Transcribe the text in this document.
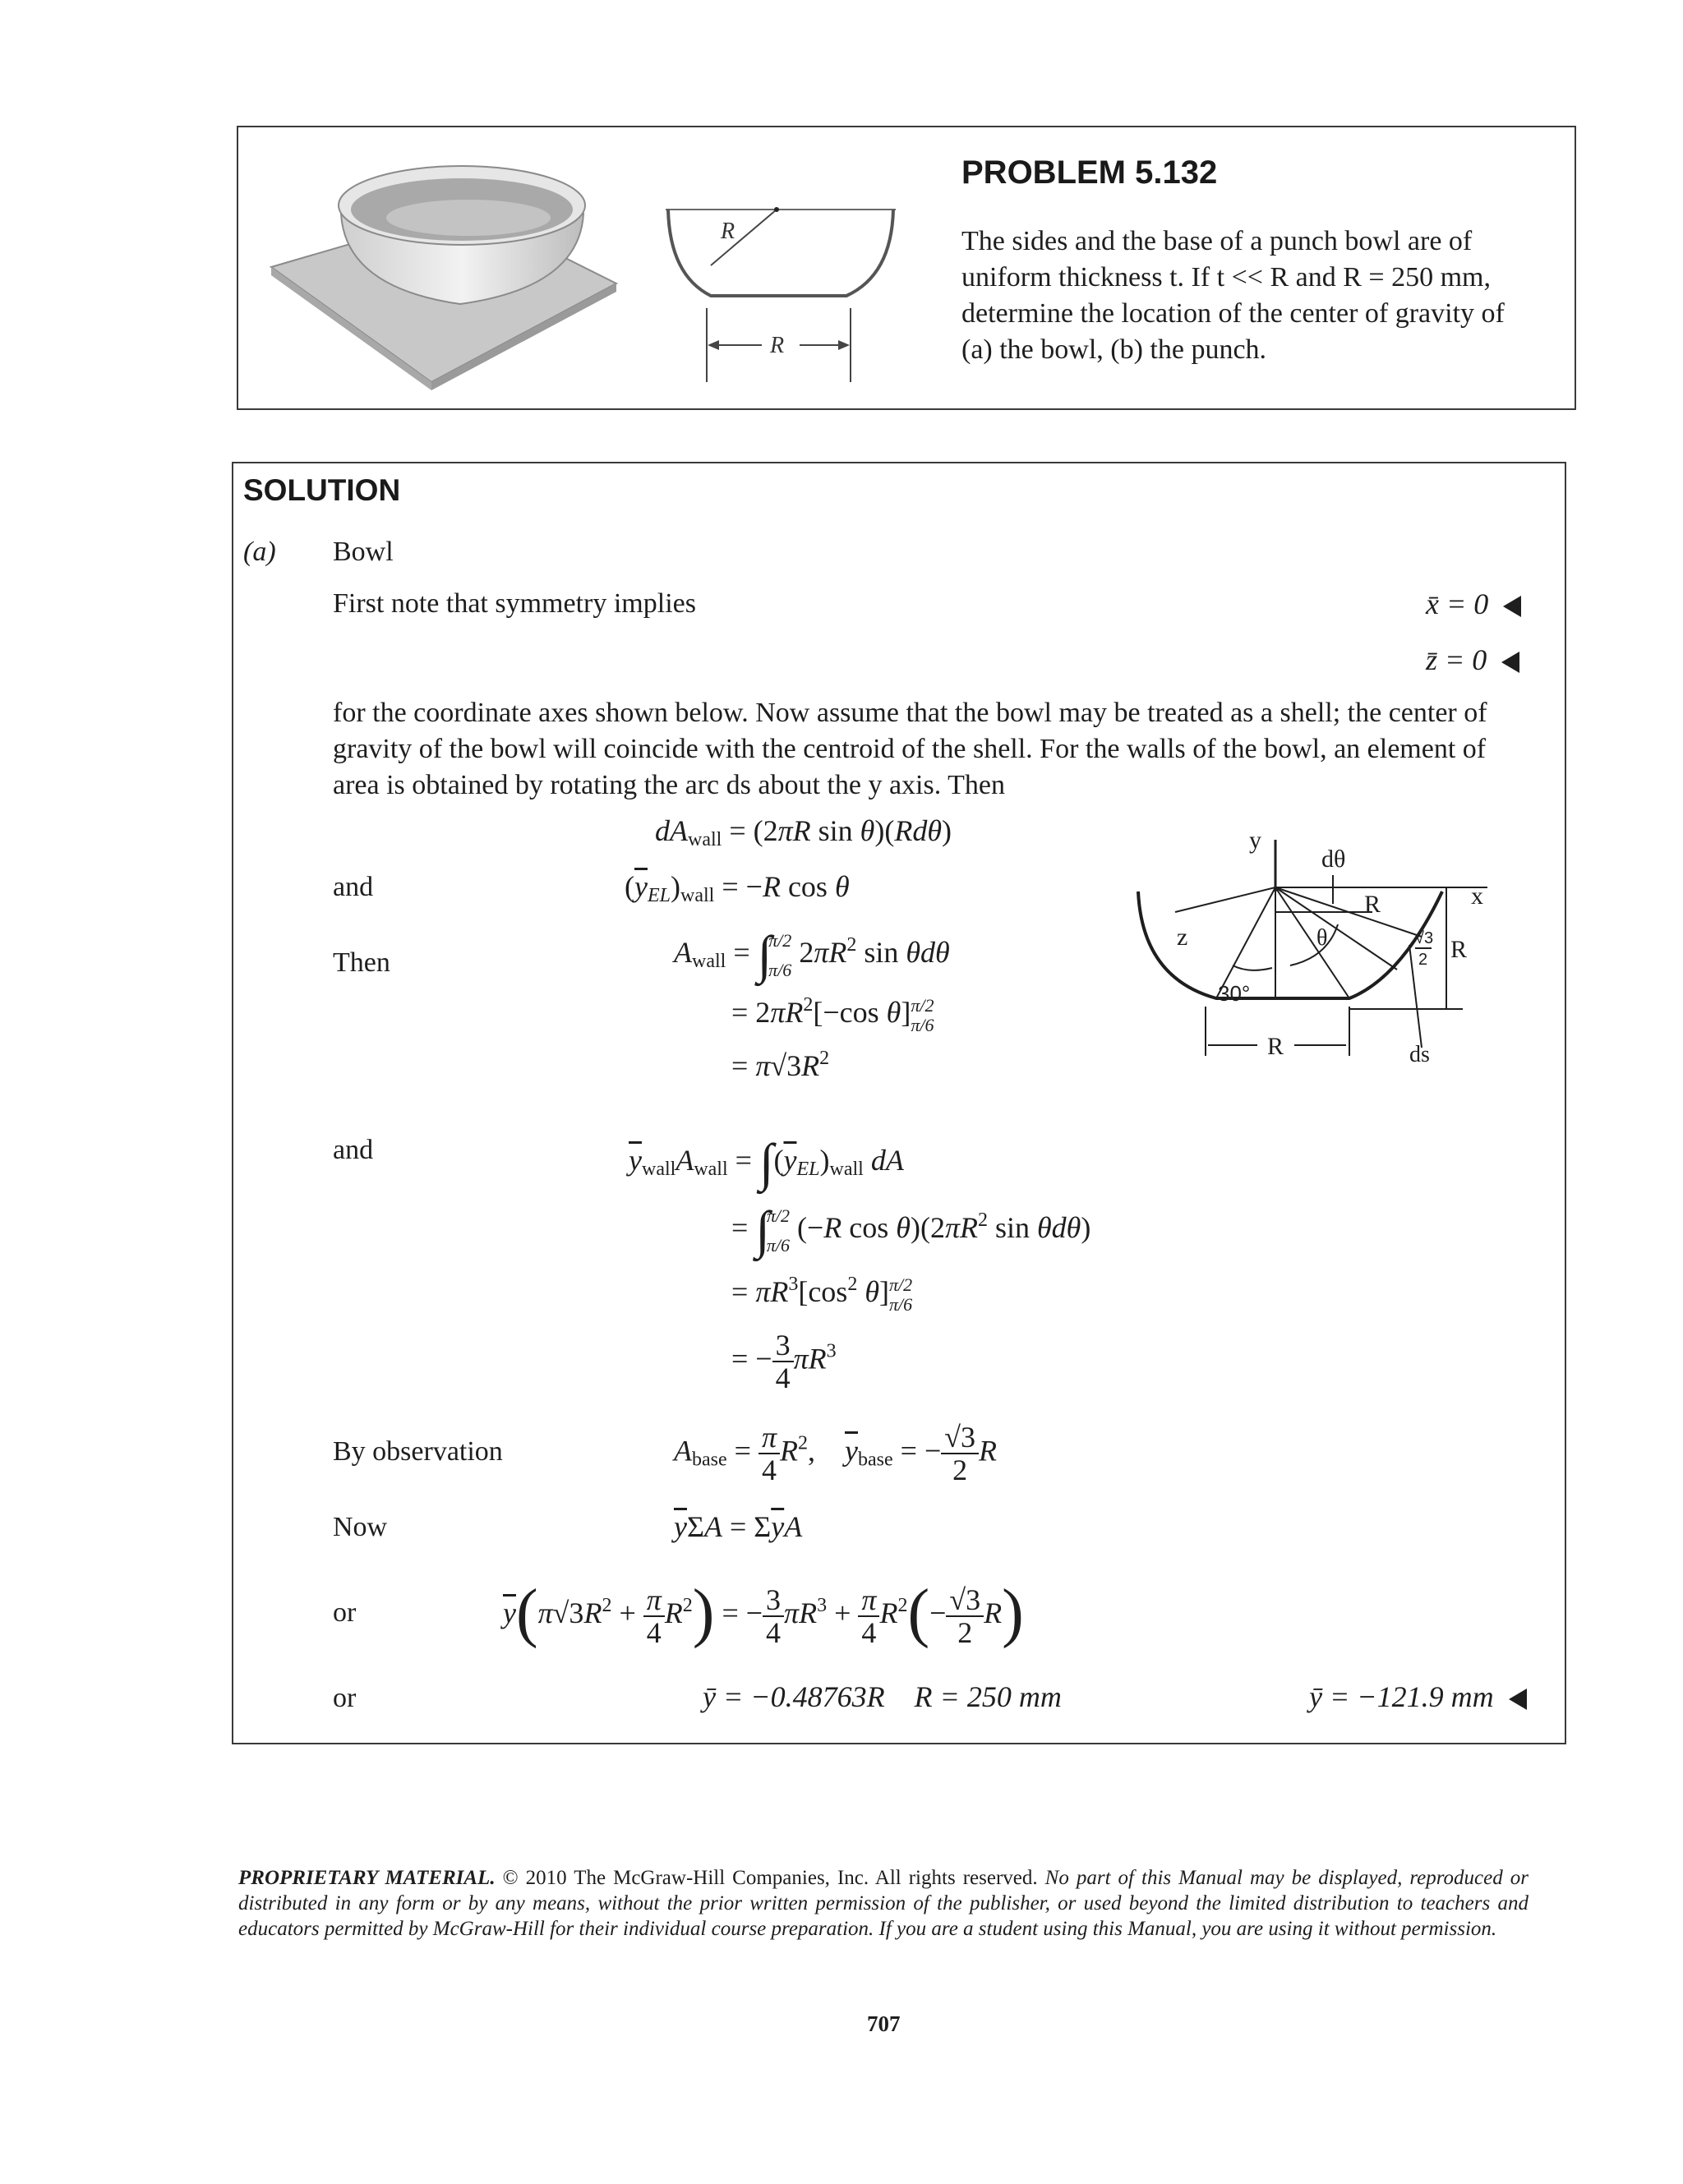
R
R
PROBLEM 5.132
The sides and the base of a punch bowl are of
uniform thickness t. If t << R and R = 250 mm,
determine the location of the center of gravity of
(a) the bowl, (b) the punch.
SOLUTION
(a) Bowl
First note that symmetry implies	x̄ = 0
z̄ = 0
for the coordinate axes shown below. Now assume that the bowl may be treated as a shell; the center of
gravity of the bowl will coincide with the centroid of the shell. For the walls of the bowl, an element of
area is obtained by rotating the arc ds about the y axis. Then
and
Then
and
By observation
Now
or
or
$dA_{wall} = (2\pi R$ sin θ)(Rdθ)
$(\overline{y}_{EL})_{wall} = -R$ cos θ
$A_{wall}$ = ∫
π/2
π/6
$2\pi R^2$ sin θdθ
= $2\pi R^2[-\cos$ θ] π/2
π/6
= $\pi√3R^2$
$\overline{y}_{wall}A_{wall} = \int(\overline{y}_{EL})_{wall}$ dA
= ∫
π/2
π/6
(−R $\cos \theta)(2\pi R^2$ sin θdθ)
= $\pi R^3[\cos^2$ θ] π/2
π/6
= − $\frac{3}{4} \pi R^3$
$A_{base} = \frac{\pi}{4} R^2$,    $\overline{y}_{base}$ = − $\frac{√3}{2}$ R
$\overline{y}\Sigma A = \Sigma\overline{y}A$
$\overline{y}(\pi√3R^2 + \frac{\pi}{4} R^2)$ = − $\frac{3}{4} \pi R^3 + \frac{\pi}{4} R^2(- \frac{√3}{2} R)$
ȳ = −0.48763R    R = 250 mm	ȳ = −121.9 mm
y
x
z
dθ
R
θ
30°
√3
2 R
R	ds
PROPRIETARY MATERIAL. © 2010 The McGraw-Hill Companies, Inc. All rights reserved. No part of this Manual may be displayed, reproduced or distributed in any form or by any means, without the prior written permission of the publisher, or used beyond the limited distribution to teachers and educators permitted by McGraw-Hill for their individual course preparation. If you are a student using this Manual, you are using it without permission.
707
